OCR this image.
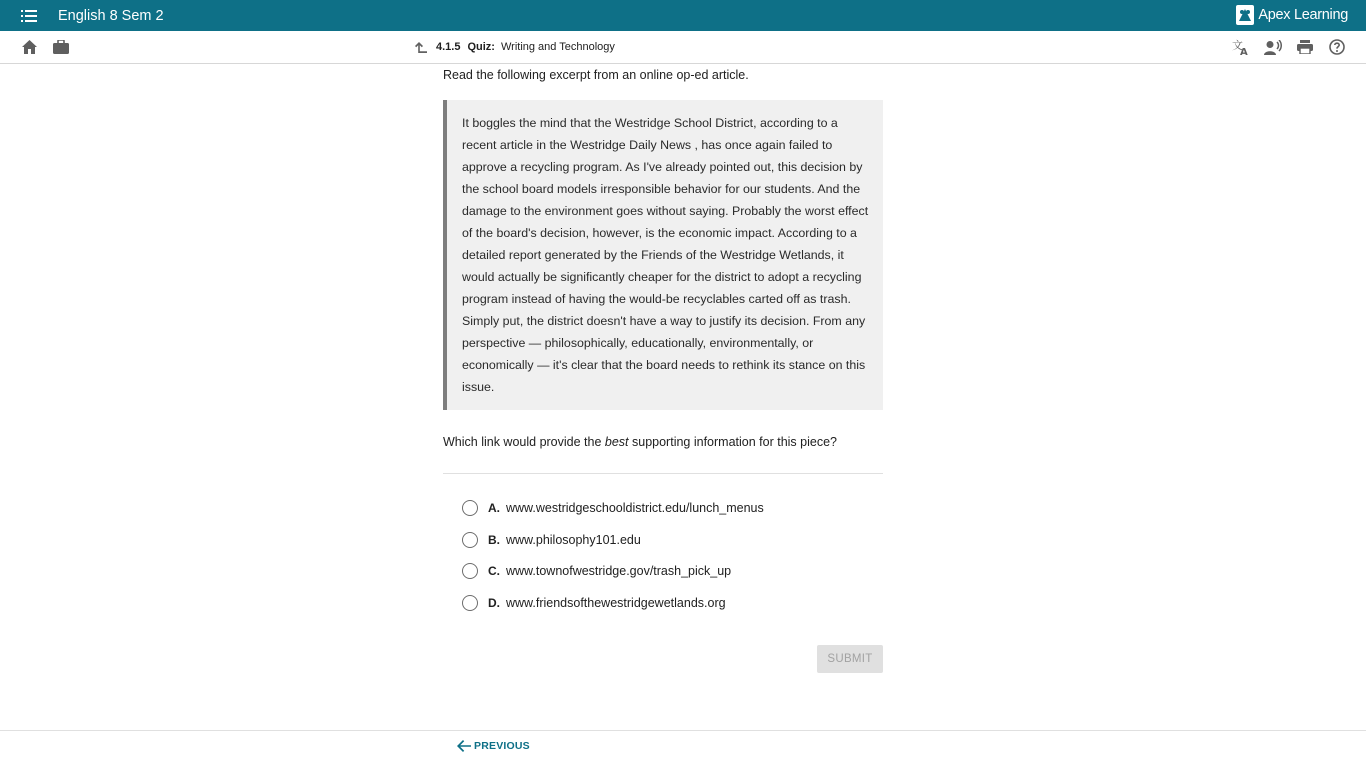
English 8 Sem 2	Apex Learning
4.1.5 Quiz: Writing and Technology	文
A

Read the following excerpt from an online op-ed article.

It boggles the mind that the Westridge School District, according to a recent article in the Westridge Daily News , has once again failed to approve a recycling program. As I've already pointed out, this decision by the school board models irresponsible behavior for our students. And the damage to the environment goes without saying. Probably the worst effect of the board's decision, however, is the economic impact. According to a detailed report generated by the Friends of the Westridge Wetlands, it would actually be significantly cheaper for the district to adopt a recycling program instead of having the would-be recyclables carted off as trash. Simply put, the district doesn't have a way to justify its decision. From any perspective — philosophically, educationally, environmentally, or economically — it's clear that the board needs to rethink its stance on this issue.

Which link would provide the best supporting information for this piece?

A. www.westridgeschooldistrict.edu/lunch_menus
B. www.philosophy101.edu
C. www.townofwestridge.gov/trash_pick_up
D. www.friendsofthewestridgewetlands.org
SUBMIT
PREVIOUS
